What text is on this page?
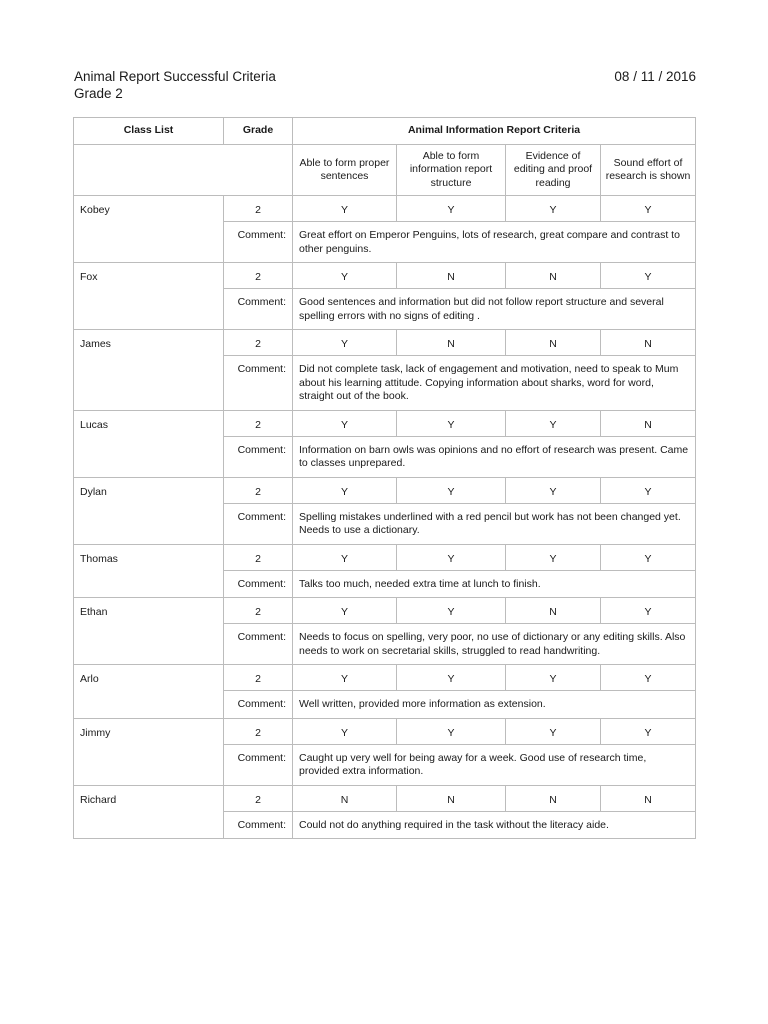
Animal Report Successful Criteria	08 / 11 / 2016
Grade 2
Class List	Grade	Animal Information Report Criteria			
		Able to form proper sentences	Able to form information report structure	Evidence of editing and proof reading	Sound effort of research is shown
Kobey	2	Y	Y	Y	Y
	Comment:	Great effort on Emperor Penguins, lots of research, great compare and contrast to other penguins.			
Fox	2	Y	N	N	Y
	Comment:	Good sentences and information but did not follow report structure and several spelling errors with no signs of editing .			
James	2	Y	N	N	N
	Comment:	Did not complete task, lack of engagement and motivation, need to speak to Mum about his learning attitude. Copying information about sharks, word for word, straight out of the book.			
Lucas	2	Y	Y	Y	N
	Comment:	Information on barn owls was opinions and no effort of research was present. Came to classes unprepared.			
Dylan	2	Y	Y	Y	Y
	Comment:	Spelling mistakes underlined with a red pencil but work has not been changed yet. Needs to use a dictionary.			
Thomas	2	Y	Y	Y	Y
	Comment:	Talks too much, needed extra time at lunch to finish.			
Ethan	2	Y	Y	N	Y
	Comment:	Needs to focus on spelling, very poor, no use of dictionary or any editing skills. Also needs to work on secretarial skills, struggled to read handwriting.			
Arlo	2	Y	Y	Y	Y
	Comment:	Well written, provided more information as extension.			
Jimmy	2	Y	Y	Y	Y
	Comment:	Caught up very well for being away for a week. Good use of research time, provided extra information.			
Richard	2	N	N	N	N
	Comment:	Could not do anything required in the task without the literacy aide.			
